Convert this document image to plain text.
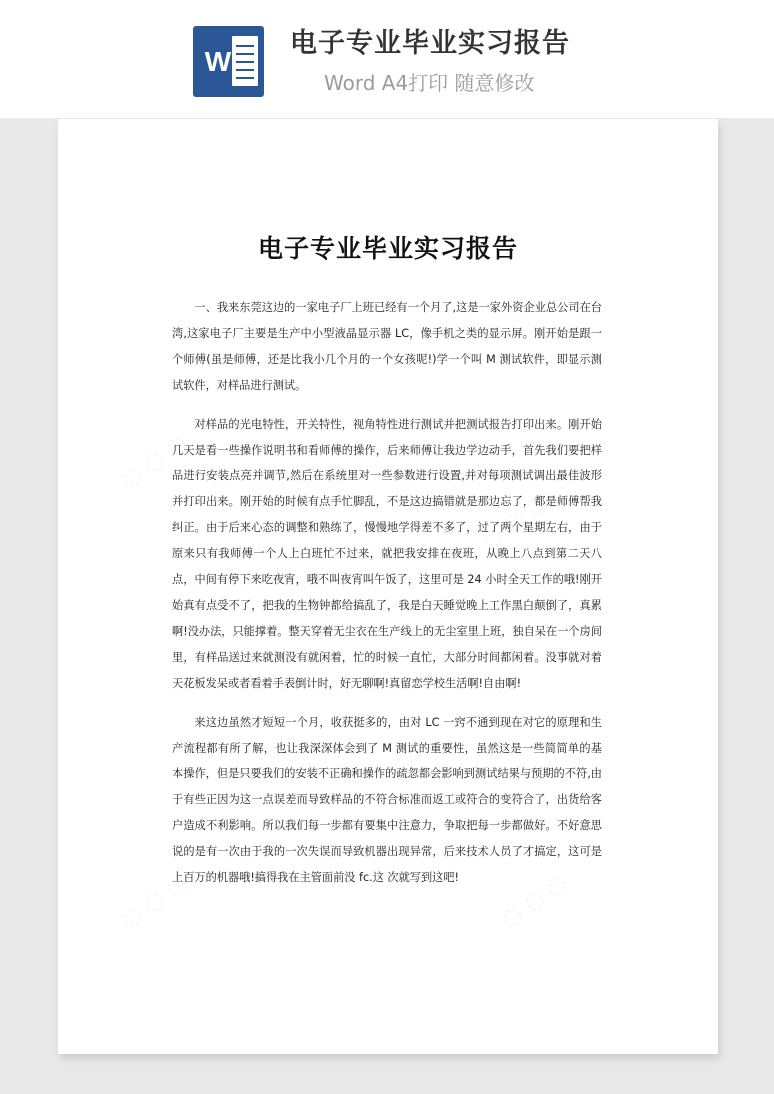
W
电子专业毕业实习报告
Word A4打印 随意修改
◌ ◌ ◌
◌ ◌ ◌
◌ ◌ ◌	◌ ◌ ◌
电子专业毕业实习报告

一、我来东莞这边的一家电子厂上班已经有一个月了,这是一家外资企业总公司在台湾,这家电子厂主要是生产中小型液晶显示器 LC，像手机之类的显示屏。刚开始是跟一个师傅(虽是师傅，还是比我小几个月的一个女孩呢!)学一个叫 M 测试软件，即显示测试软件，对样品进行测试。

对样品的光电特性，开关特性，视角特性进行测试并把测试报告打印出来。刚开始几天是看一些操作说明书和看师傅的操作，后来师傅让我边学边动手，首先我们要把样品进行安装点亮并调节,然后在系统里对一些参数进行设置,并对每项测试调出最佳波形并打印出来。刚开始的时候有点手忙脚乱，不是这边搞错就是那边忘了，都是师傅帮我纠正。由于后来心态的调整和熟练了，慢慢地学得差不多了，过了两个星期左右，由于原来只有我师傅一个人上白班忙不过来，就把我安排在夜班，从晚上八点到第二天八点，中间有停下来吃夜宵，哦不叫夜宵叫午饭了，这里可是 24 小时全天工作的哦!刚开始真有点受不了，把我的生物钟都给搞乱了，我是白天睡觉晚上工作黑白颠倒了，真累啊!没办法，只能撑着。整天穿着无尘衣在生产线上的无尘室里上班，独自呆在一个房间里，有样品送过来就测没有就闲着，忙的时候一直忙，大部分时间都闲着。没事就对着天花板发呆或者看着手表倒计时，好无聊啊!真留恋学校生活啊!自由啊!

来这边虽然才短短一个月，收获挺多的，由对 LC 一窍不通到现在对它的原理和生产流程都有所了解，也让我深深体会到了 M 测试的重要性，虽然这是一些简简单的基本操作，但是只要我们的安装不正确和操作的疏忽都会影响到测试结果与预期的不符,由于有些正因为这一点误差而导致样品的不符合标准而返工或符合的变符合了，出货给客户造成不利影响。所以我们每一步都有要集中注意力，争取把每一步都做好。不好意思说的是有一次由于我的一次失误而导致机器出现异常，后来技术人员了才搞定，这可是上百万的机器哦!搞得我在主管面前没 fc.这 次就写到这吧!
